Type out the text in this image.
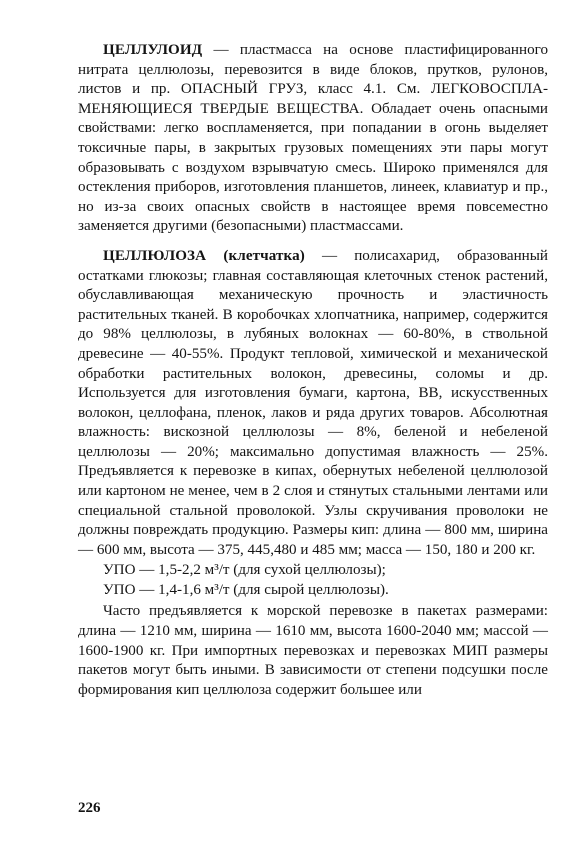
ЦЕЛЛУЛОИД — пластмасса на основе пластифицированного нитрата целлюлозы, перевозится в виде блоков, прутков, рулонов, листов и пр. ОПАСНЫЙ ГРУЗ, класс 4.1. См. ЛЕГКОВОСПЛАМЕНЯЮЩИЕСЯ ТВЕРДЫЕ ВЕЩЕСТВА. Обладает очень опасными свойствами: легко воспламеняется, при попадании в огонь выделяет токсичные пары, в закрытых грузовых помещениях эти пары могут образовывать с воздухом взрывчатую смесь. Широко применялся для остекления приборов, изготовления планшетов, линеек, клавиатур и пр., но из-за своих опасных свойств в настоящее время повсеместно заменяется другими (безопасными) пластмассами.

ЦЕЛЛЮЛОЗА (клетчатка) — полисахарид, образованный остатками глюкозы; главная составляющая клеточных стенок растений, обуславливающая механическую прочность и эластичность растительных тканей. В коробочках хлопчатника, например, содержится до 98% целлюлозы, в лубяных волокнах — 60-80%, в ствольной древесине — 40-55%. Продукт тепловой, химической и механической обработки растительных волокон, древесины, соломы и др. Используется для изготовления бумаги, картона, ВВ, искусственных волокон, целлофана, пленок, лаков и ряда других товаров. Абсолютная влажность: вискозной целлюлозы — 8%, беленой и небеленой целлюлозы — 20%; максимально допустимая влажность — 25%. Предъявляется к перевозке в кипах, обернутых небеленой целлюлозой или картоном не менее, чем в 2 слоя и стянутых стальными лентами или специальной стальной проволокой. Узлы скручивания проволоки не должны повреждать продукцию. Размеры кип: длина — 800 мм, ширина — 600 мм, высота — 375, 445,480 и 485 мм; масса — 150, 180 и 200 кг.

УПО — 1,5-2,2 м³/т (для сухой целлюлозы);
УПО — 1,4-1,6 м³/т (для сырой целлюлозы).

Часто предъявляется к морской перевозке в пакетах размерами: длина — 1210 мм, ширина — 1610 мм, высота 1600-2040 мм; массой — 1600-1900 кг. При импортных перевозках и перевозках МИП размеры пакетов могут быть иными. В зависимости от степени подсушки после формирования кип целлюлоза содержит большее или

226
